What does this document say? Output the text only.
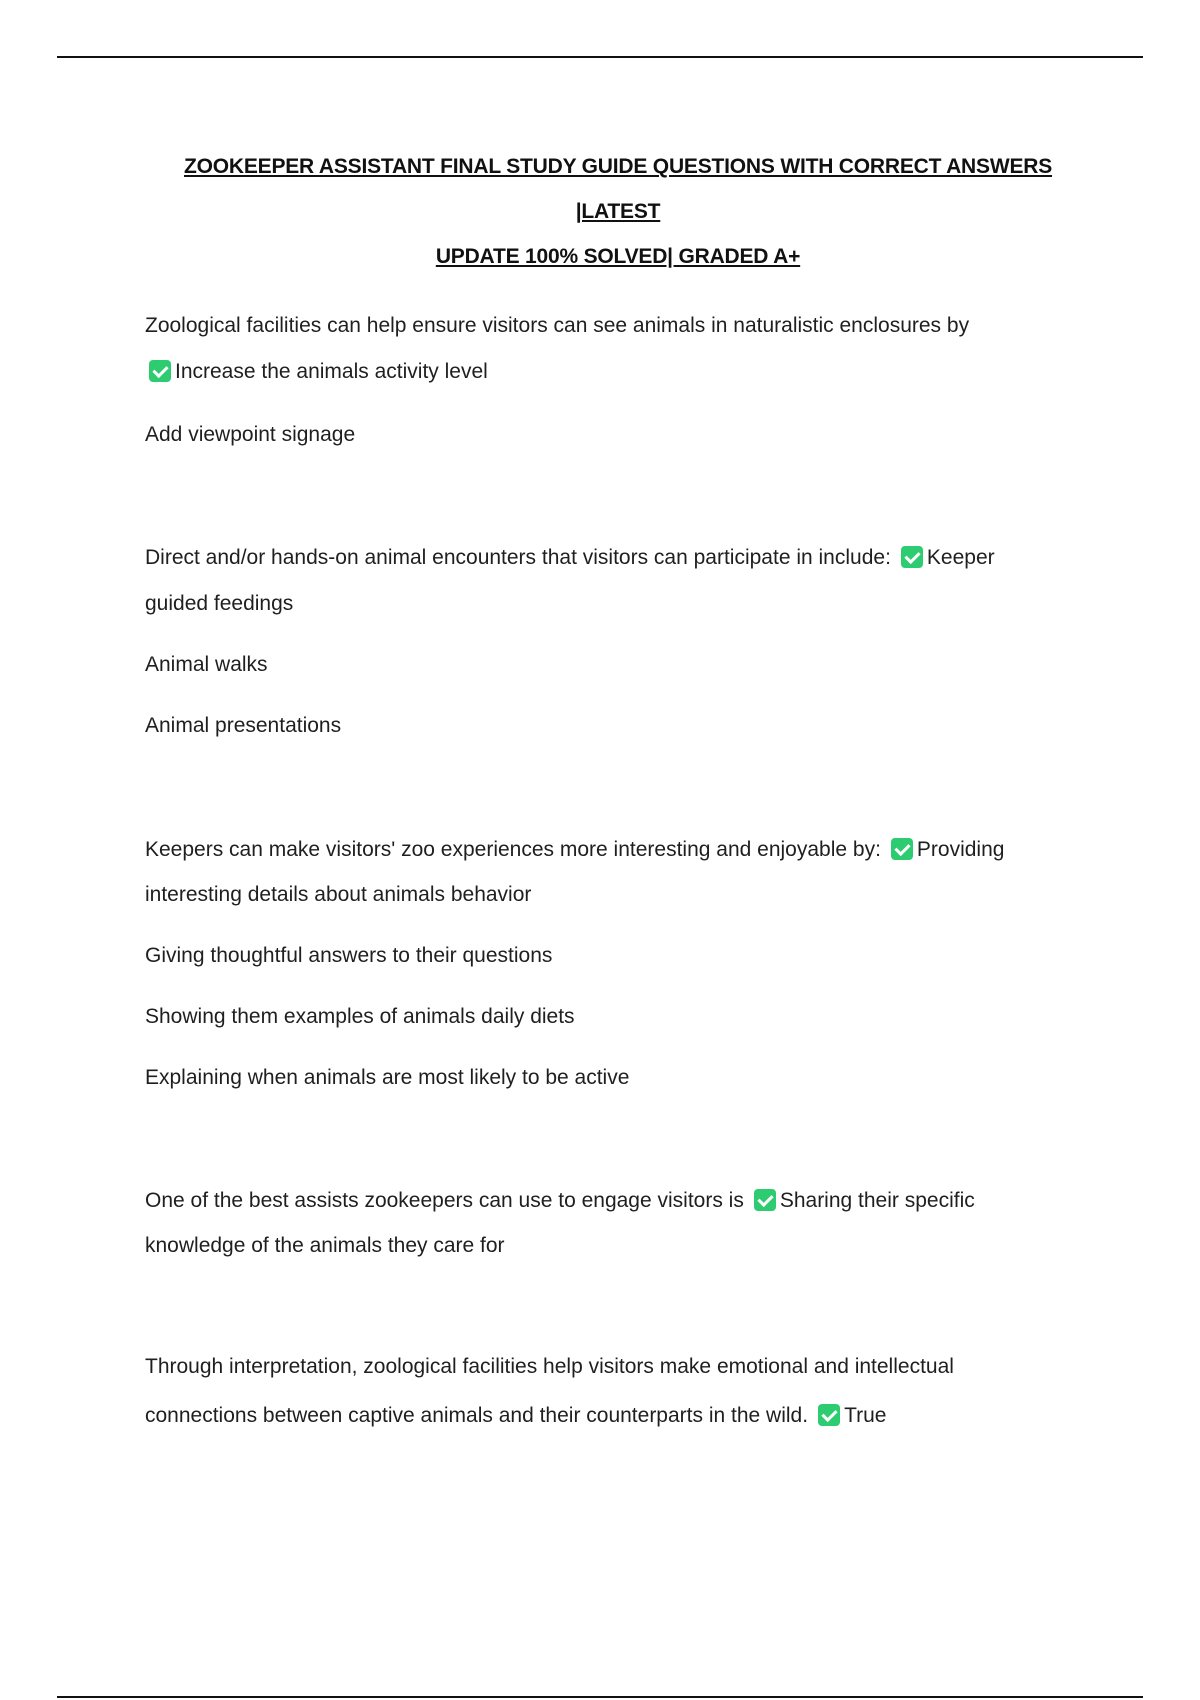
ZOOKEEPER ASSISTANT FINAL STUDY GUIDE QUESTIONS WITH CORRECT ANSWERS |LATEST
UPDATE 100% SOLVED| GRADED A+
Zoological facilities can help ensure visitors can see animals in naturalistic enclosures by
Increase the animals activity level
Add viewpoint signage
Direct and/or hands-on animal encounters that visitors can participate in include: Keeper
guided feedings
Animal walks
Animal presentations
Keepers can make visitors' zoo experiences more interesting and enjoyable by: Providing
interesting details about animals behavior
Giving thoughtful answers to their questions
Showing them examples of animals daily diets
Explaining when animals are most likely to be active
One of the best assists zookeepers can use to engage visitors is Sharing their specific
knowledge of the animals they care for
Through interpretation, zoological facilities help visitors make emotional and intellectual
connections between captive animals and their counterparts in the wild. True
